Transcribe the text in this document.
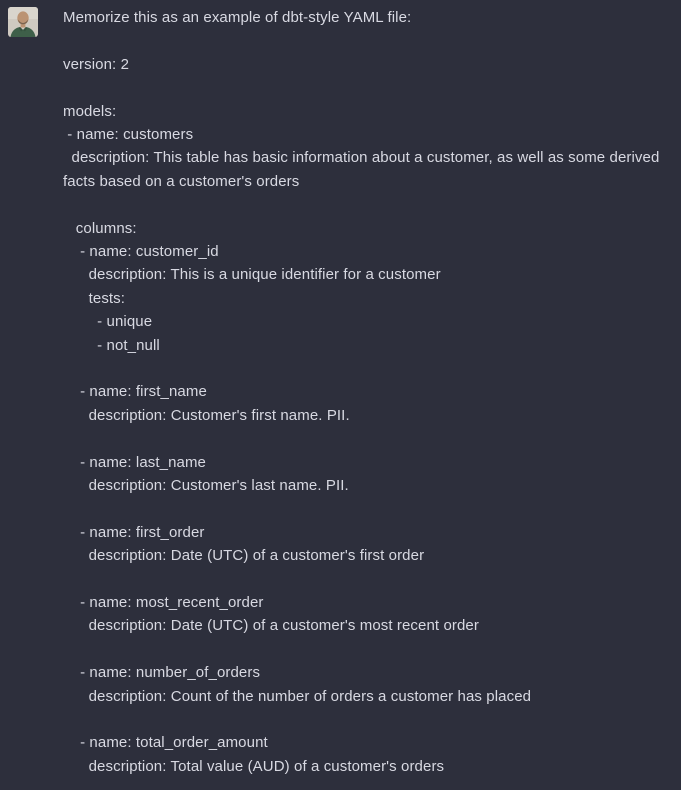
Memorize this as an example of dbt-style YAML file:
version: 2
models:
- name: customers
description: This table has basic information about a customer, as well as some derived
facts based on a customer's orders
columns:
- name: customer_id
description: This is a unique identifier for a customer
tests:
- unique
- not_null
- name: first_name
description: Customer's first name. PII.
- name: last_name
description: Customer's last name. PII.
- name: first_order
description: Date (UTC) of a customer's first order
- name: most_recent_order
description: Date (UTC) of a customer's most recent order
- name: number_of_orders
description: Count of the number of orders a customer has placed
- name: total_order_amount
description: Total value (AUD) of a customer's orders
